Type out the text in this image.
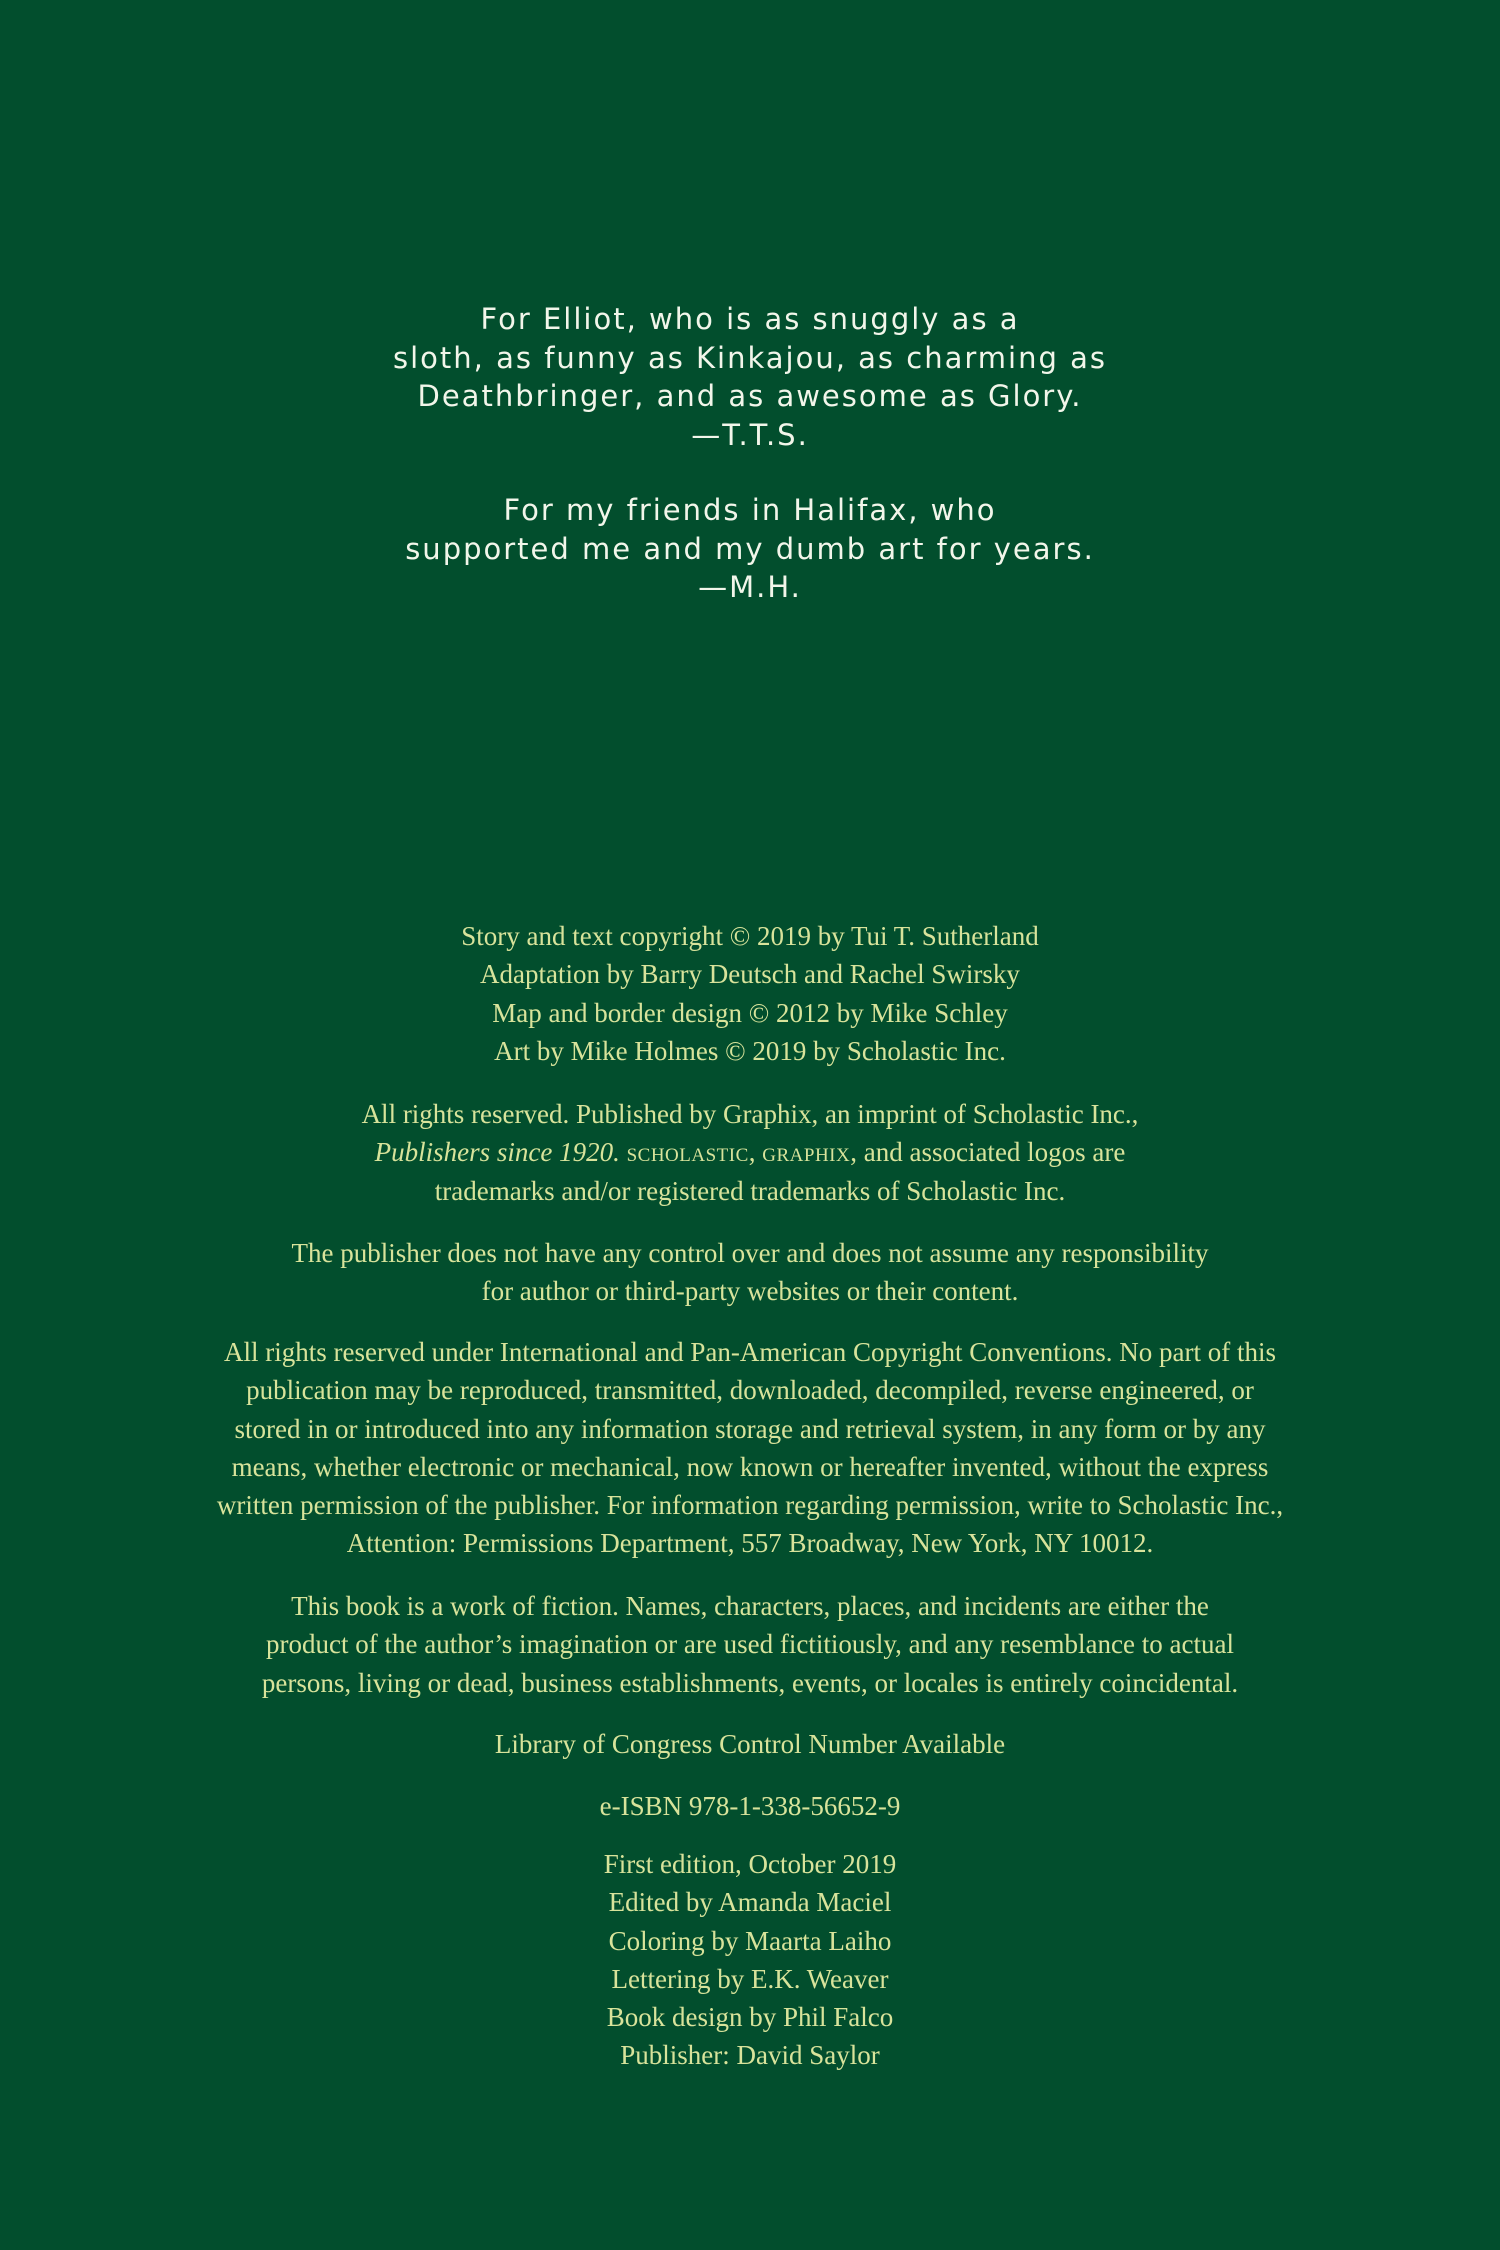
For Elliot, who is as snuggly as a
sloth, as funny as Kinkajou, as charming as
Deathbringer, and as awesome as Glory.
—T.T.S.
For my friends in Halifax, who
supported me and my dumb art for years.
—M.H.
Story and text copyright © 2019 by Tui T. Sutherland
Adaptation by Barry Deutsch and Rachel Swirsky
Map and border design © 2012 by Mike Schley
Art by Mike Holmes © 2019 by Scholastic Inc.
All rights reserved. Published by Graphix, an imprint of Scholastic Inc.,
Publishers since 1920. scholastic, graphix, and associated logos are
trademarks and/or registered trademarks of Scholastic Inc.
The publisher does not have any control over and does not assume any responsibility
for author or third-party websites or their content.
All rights reserved under International and Pan-American Copyright Conventions. No part of this
publication may be reproduced, transmitted, downloaded, decompiled, reverse engineered, or
stored in or introduced into any information storage and retrieval system, in any form or by any
means, whether electronic or mechanical, now known or hereafter invented, without the express
written permission of the publisher. For information regarding permission, write to Scholastic Inc.,
Attention: Permissions Department, 557 Broadway, New York, NY 10012.
This book is a work of fiction. Names, characters, places, and incidents are either the
product of the author’s imagination or are used fictitiously, and any resemblance to actual
persons, living or dead, business establishments, events, or locales is entirely coincidental.
Library of Congress Control Number Available
e-ISBN 978-1-338-56652-9
First edition, October 2019
Edited by Amanda Maciel
Coloring by Maarta Laiho
Lettering by E.K. Weaver
Book design by Phil Falco
Publisher: David Saylor
